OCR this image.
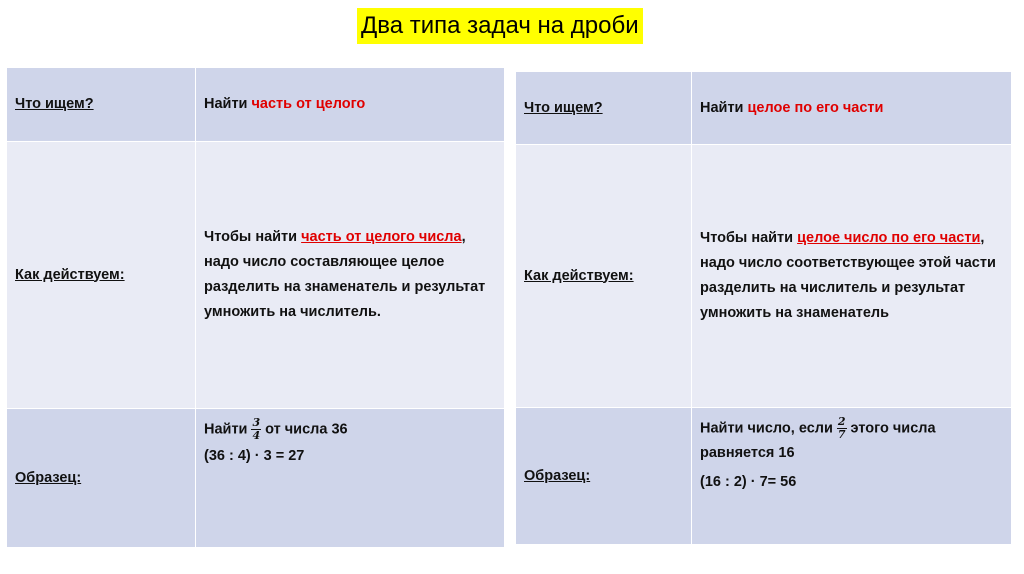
Два типа задач на дроби
Что ищем?	Найти часть от целого
Как действуем:	Чтобы найти часть от целого числа, надо число составляющее целое разделить на знаменатель и результат умножить на числитель.
Образец:	Найти $\frac{3}{4}$ от числа 36
(36 : 4) · 3 = 27
Что ищем?	Найти целое по его части
Как действуем:	Чтобы найти целое число по его части, надо число соответствующее этой части разделить на числитель и результат умножить на знаменатель
Образец:	Найти число, если $\frac{2}{7}$ этого числа равняется 16
(16 : 2) · 7= 56
